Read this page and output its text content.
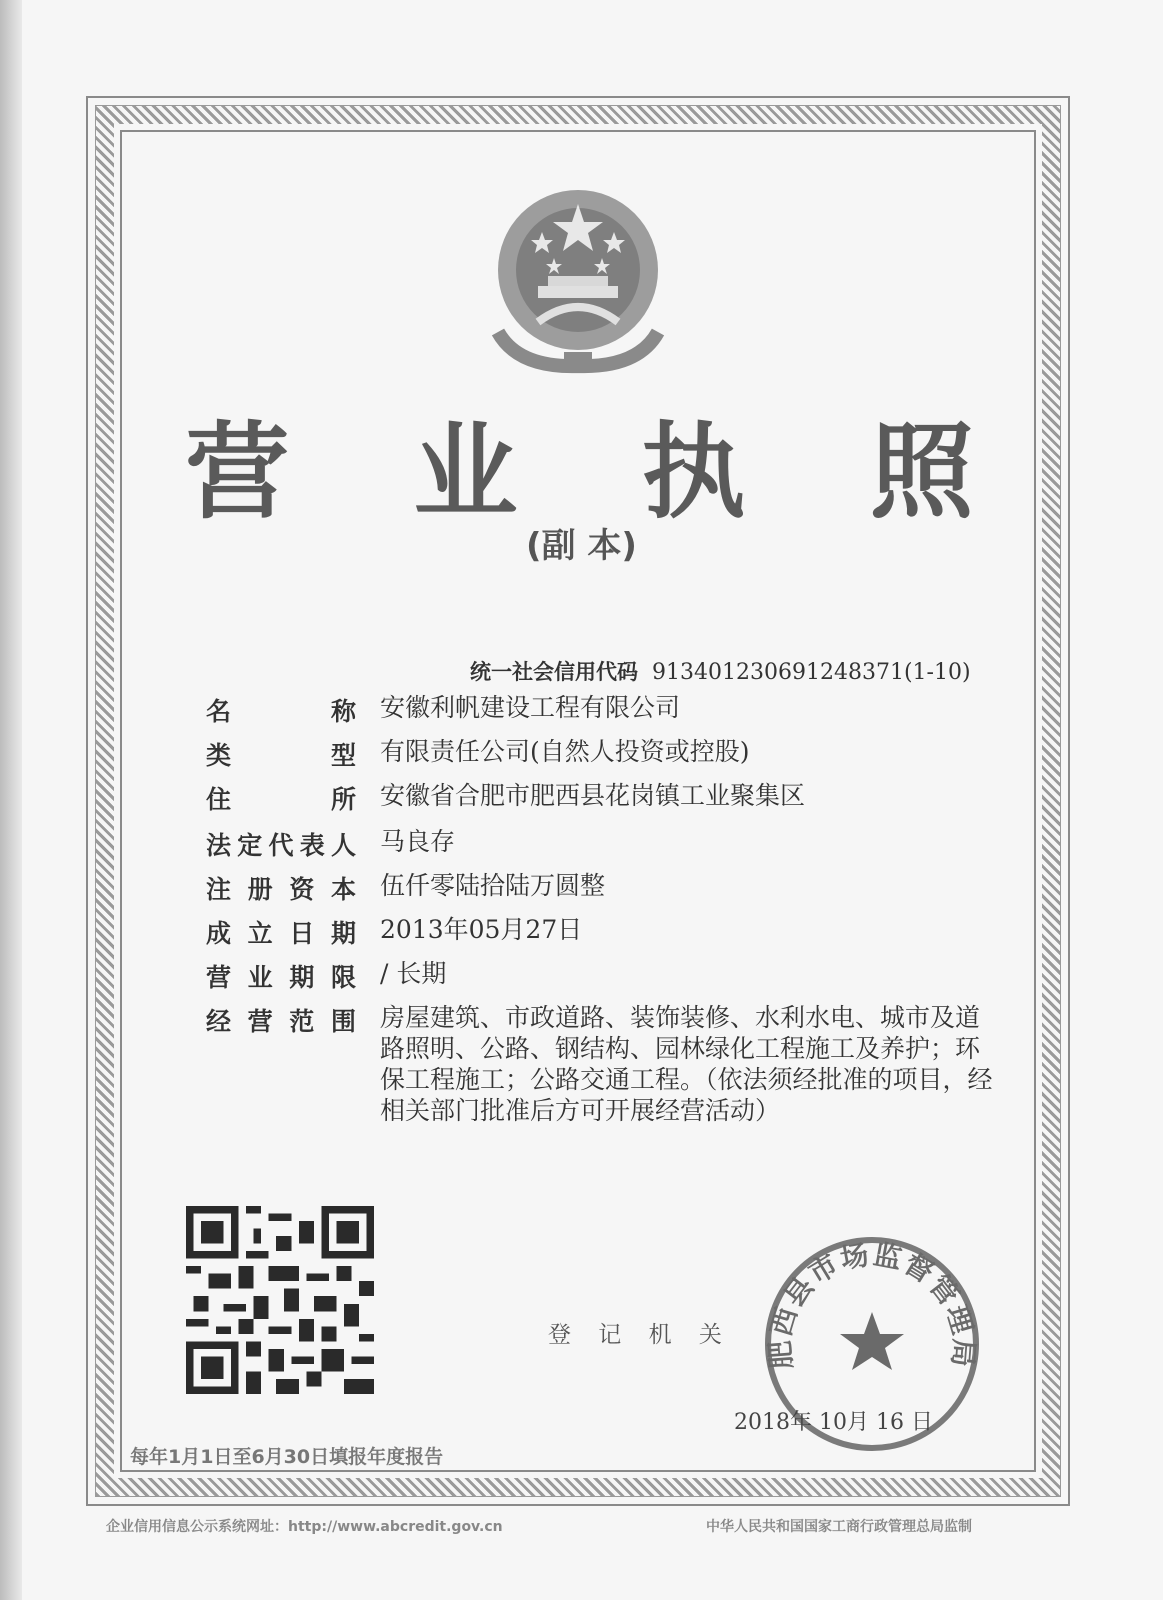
营 业 执 照
(副 本)
统一社会信用代码 913401230691248371(1-10)
名　　称 安徽利帆建设工程有限公司
类　　型 有限责任公司(自然人投资或控股)
住　　所 安徽省合肥市肥西县花岗镇工业聚集区
法定代表人 马良存
注册资本 伍仟零陆拾陆万圆整
成立日期 2013年05月27日
营业期限 / 长期
经营范围 房屋建筑、市政道路、装饰装修、水利水电、城市及道路照明、公路、钢结构、园林绿化工程施工及养护；环保工程施工；公路交通工程。（依法须经批准的项目，经相关部门批准后方可开展经营活动）
登 记 机 关
肥西县市场监督管理局
2018年 10月 16 日
每年1月1日至6月30日填报年度报告
企业信用信息公示系统网址：http://www.abcredit.gov.cn	中华人民共和国国家工商行政管理总局监制
